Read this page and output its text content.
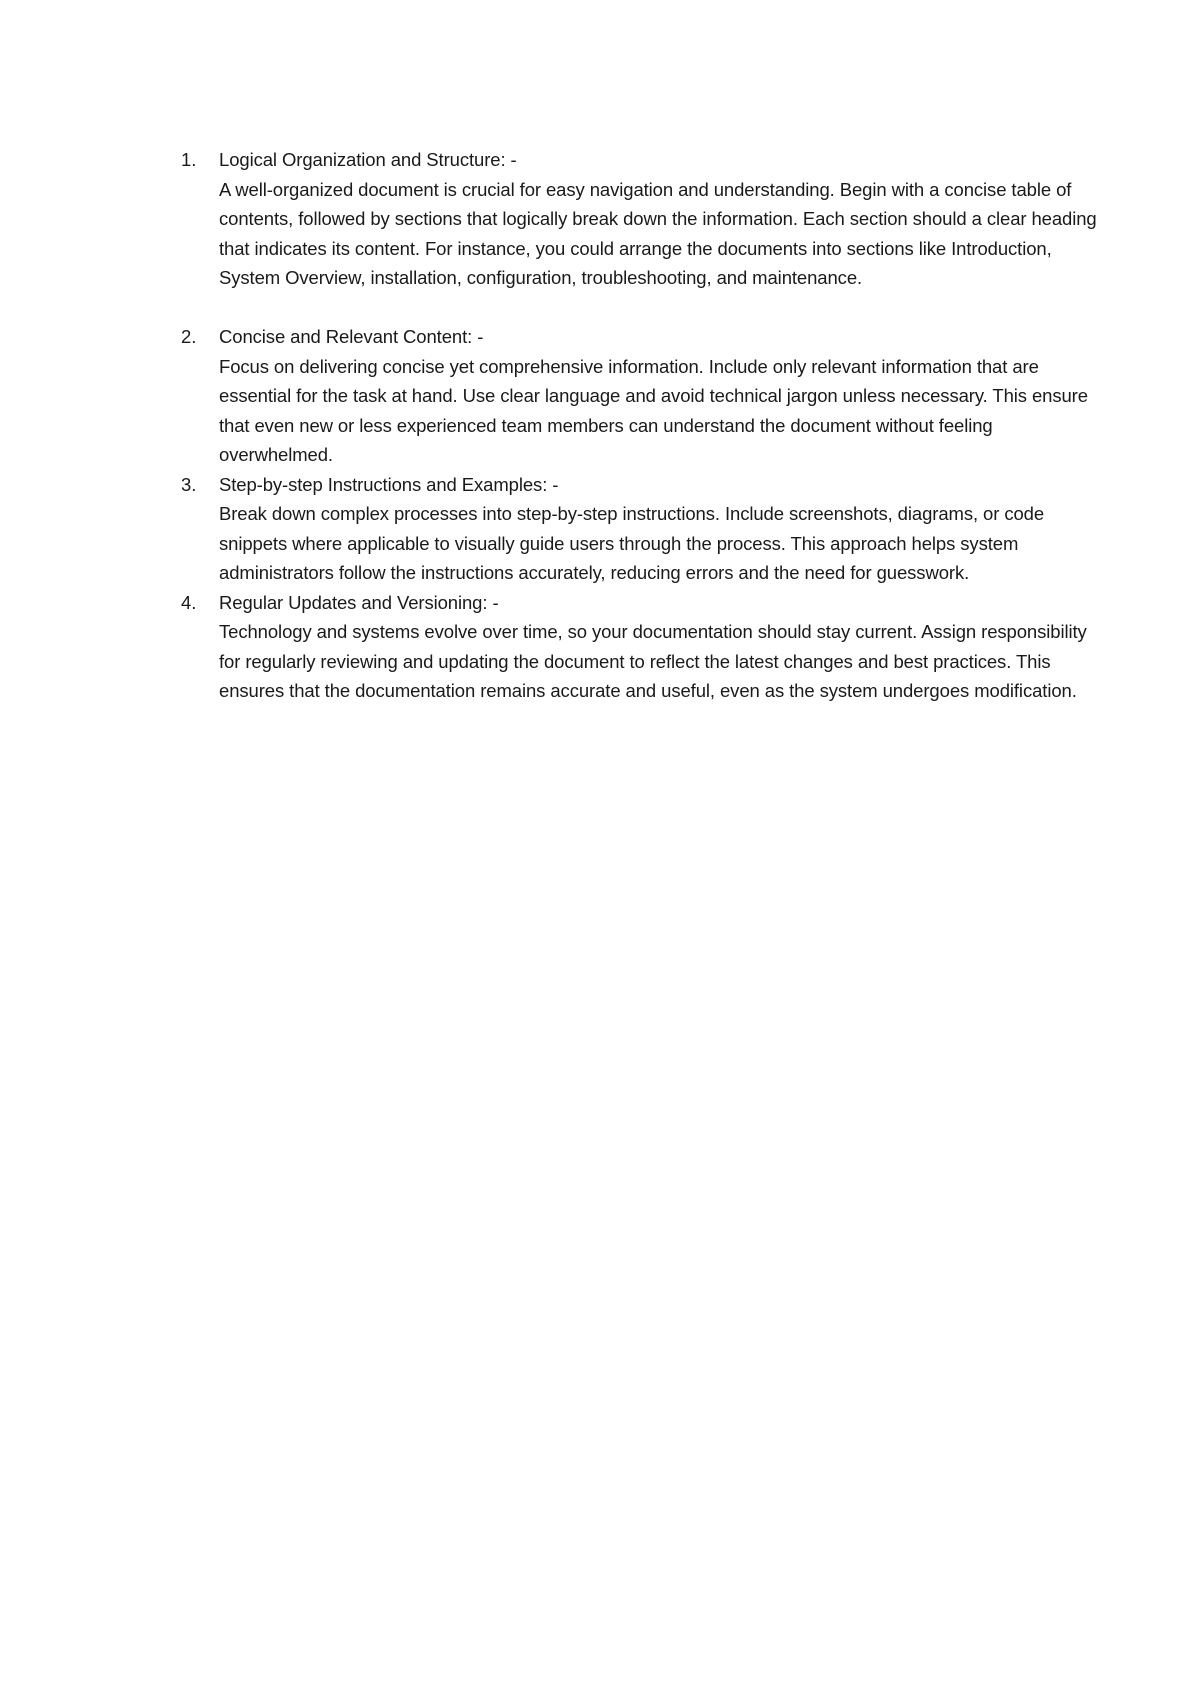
1. Logical Organization and Structure: -
A well-organized document is crucial for easy navigation and understanding. Begin with a concise table of contents, followed by sections that logically break down the information. Each section should a clear heading that indicates its content. For instance, you could arrange the documents into sections like Introduction, System Overview, installation, configuration, troubleshooting, and maintenance.
2. Concise and Relevant Content: -
Focus on delivering concise yet comprehensive information. Include only relevant information that are essential for the task at hand. Use clear language and avoid technical jargon unless necessary. This ensure that even new or less experienced team members can understand the document without feeling overwhelmed.
3. Step-by-step Instructions and Examples: -
Break down complex processes into step-by-step instructions. Include screenshots, diagrams, or code snippets where applicable to visually guide users through the process. This approach helps system administrators follow the instructions accurately, reducing errors and the need for guesswork.
4. Regular Updates and Versioning: -
Technology and systems evolve over time, so your documentation should stay current. Assign responsibility for regularly reviewing and updating the document to reflect the latest changes and best practices. This ensures that the documentation remains accurate and useful, even as the system undergoes modification.
